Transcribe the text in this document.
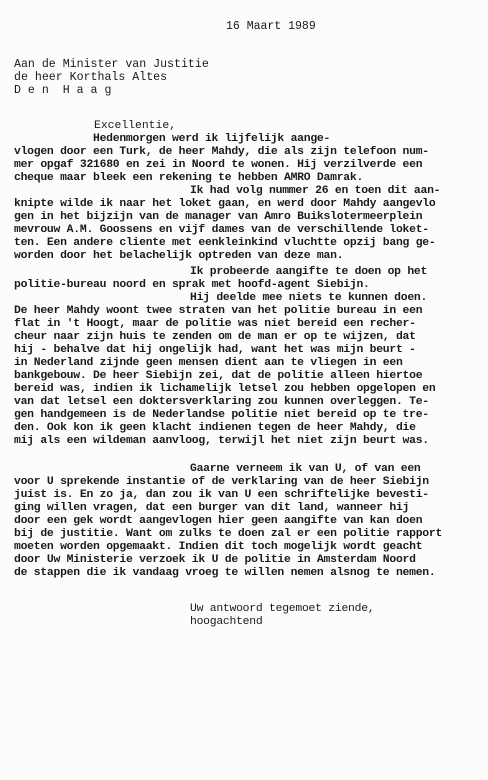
16 Maart 1989
Aan de Minister van Justitie
de heer Korthals Altes
D e n  H a a g
Excellentie,
Hedenmorgen werd ik lijfelijk aange-
vlogen door een Turk, de heer Mahdy, die als zijn telefoon num-
mer opgaf 321680 en zei in Noord te wonen. Hij verzilverde een
cheque maar bleek een rekening te hebben AMRO Damrak.
Ik had volg nummer 26 en toen dit aan-
knipte wilde ik naar het loket gaan, en werd door Mahdy aangevlo
gen in het bijzijn van de manager van Amro Buikslotermeerplein
mevrouw A.M. Goossens en vijf dames van de verschillende loket-
ten. Een andere cliente met eenkleinkind vluchtte opzij bang ge-
worden door het belachelijk optreden van deze man.
Ik probeerde aangifte te doen op het
politie-bureau noord en sprak met hoofd-agent Siebijn.
Hij deelde mee niets te kunnen doen.
De heer Mahdy woont twee straten van het politie bureau in een
flat in 't Hoogt, maar de politie was niet bereid een recher-
cheur naar zijn huis te zenden om de man er op te wijzen, dat
hij - behalve dat hij ongelijk had, want het was mijn beurt -
in Nederland zijnde geen mensen dient aan te vliegen in een
bankgebouw. De heer Siebijn zei, dat de politie alleen hiertoe
bereid was, indien ik lichamelijk letsel zou hebben opgelopen en
van dat letsel een doktersverklaring zou kunnen overleggen. Te-
gen handgemeen is de Nederlandse politie niet bereid op te tre-
den. Ook kon ik geen klacht indienen tegen de heer Mahdy, die
mij als een wildeman aanvloog, terwijl het niet zijn beurt was.
Gaarne verneem ik van U, of van een
voor U sprekende instantie of de verklaring van de heer Siebijn
juist is. En zo ja, dan zou ik van U een schriftelijke bevesti-
ging willen vragen, dat een burger van dit land, wanneer hij
door een gek wordt aangevlogen hier geen aangifte van kan doen
bij de justitie. Want om zulks te doen zal er een politie rapport
moeten worden opgemaakt. Indien dit toch mogelijk wordt geacht
door Uw Ministerie verzoek ik U de politie in Amsterdam Noord
de stappen die ik vandaag vroeg te willen nemen alsnog te nemen.
Uw antwoord tegemoet ziende,
hoogachtend
